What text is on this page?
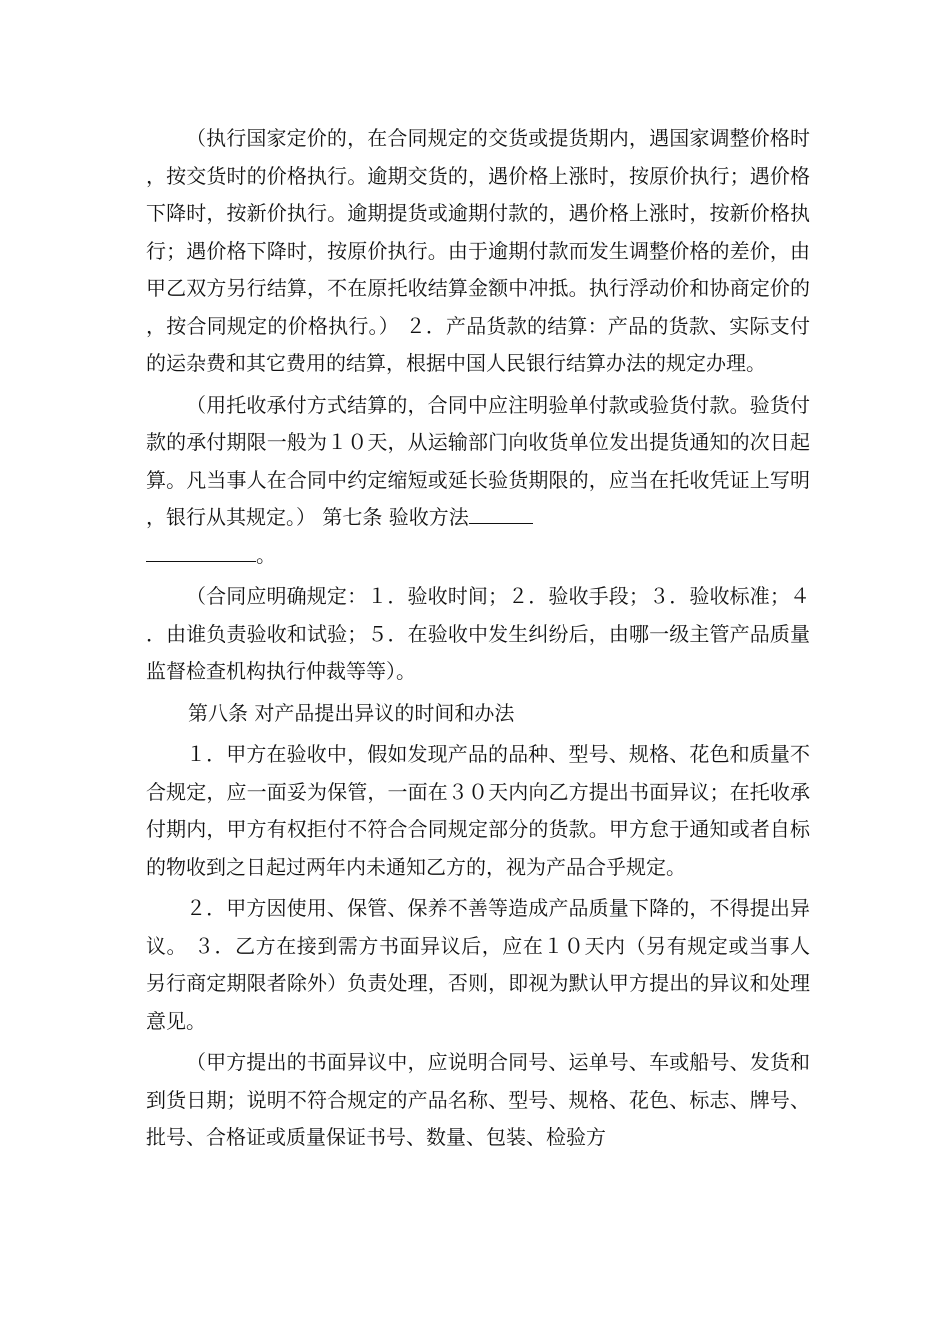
（执行国家定价的，在合同规定的交货或提货期内，遇国家调整价格时，按交货时的价格执行。逾期交货的，遇价格上涨时，按原价执行；遇价格下降时，按新价执行。逾期提货或逾期付款的，遇价格上涨时，按新价格执行；遇价格下降时，按原价执行。由于逾期付款而发生调整价格的差价，由甲乙双方另行结算，不在原托收结算金额中冲抵。执行浮动价和协商定价的，按合同规定的价格执行。） ２．产品货款的结算：产品的货款、实际支付的运杂费和其它费用的结算，根据中国人民银行结算办法的规定办理。

（用托收承付方式结算的，合同中应注明验单付款或验货付款。验货付款的承付期限一般为１０天，从运输部门向收货单位发出提货通知的次日起算。凡当事人在合同中约定缩短或延长验货期限的，应当在托收凭证上写明，银行从其规定。） 第七条 验收方法
。

（合同应明确规定：１．验收时间；２．验收手段；３．验收标准；４．由谁负责验收和试验；５．在验收中发生纠纷后，由哪一级主管产品质量监督检查机构执行仲裁等等）。

第八条 对产品提出异议的时间和办法

１．甲方在验收中，假如发现产品的品种、型号、规格、花色和质量不合规定，应一面妥为保管，一面在３０天内向乙方提出书面异议；在托收承付期内，甲方有权拒付不符合合同规定部分的货款。甲方怠于通知或者自标的物收到之日起过两年内未通知乙方的，视为产品合乎规定。

２．甲方因使用、保管、保养不善等造成产品质量下降的，不得提出异议。 ３．乙方在接到需方书面异议后，应在１０天内（另有规定或当事人另行商定期限者除外）负责处理，否则，即视为默认甲方提出的异议和处理意见。

（甲方提出的书面异议中，应说明合同号、运单号、车或船号、发货和到货日期；说明不符合规定的产品名称、型号、规格、花色、标志、牌号、批号、合格证或质量保证书号、数量、包装、检验方
